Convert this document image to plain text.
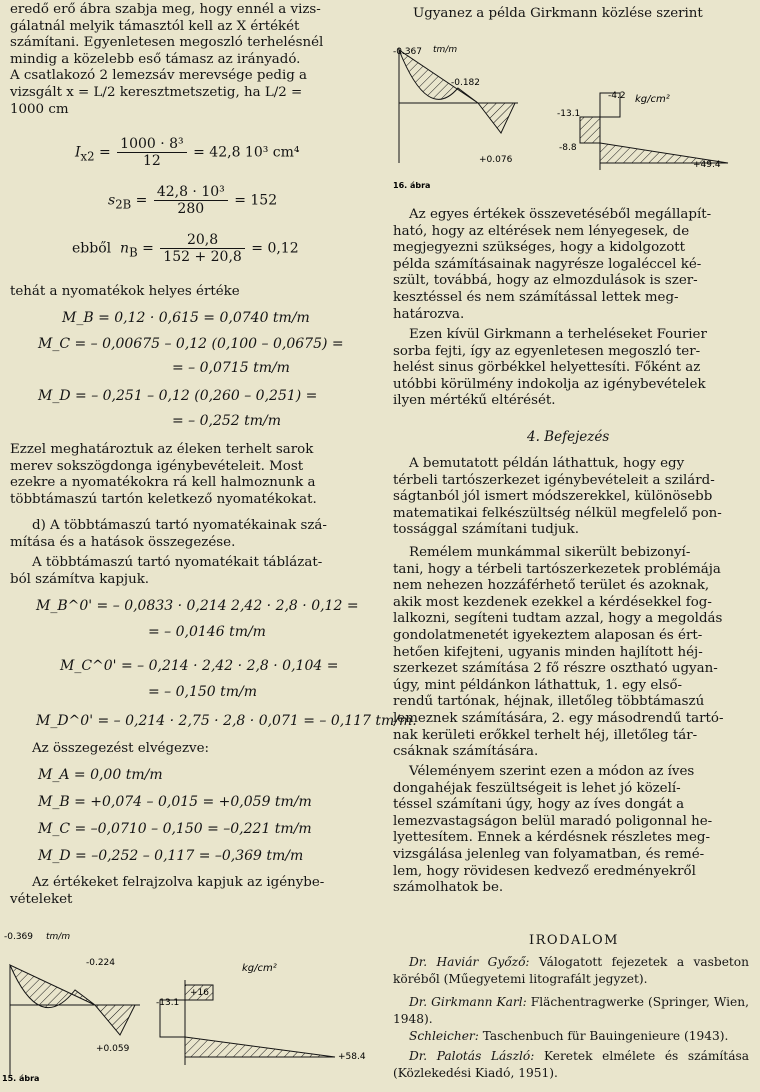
eredő erő ábra szabja meg, hogy ennél a vizs-
gálatnál melyik támasztól kell az X értékét
számítani. Egyenletesen megoszló terhelésnél
mindig a közelebb eső támasz az irányadó.
A csatlakozó 2 lemezsáv merevsége pedig a
vizsgált x = L/2 keresztmetszetig, ha L/2 =
1000 cm
$I_{x2} = \frac{\text{1000 · 8³}}{12} = 42,8$ 10³ cm⁴
$s_{2B} = \frac{\text{42,8 · 10³}}{280} = 152$
ebből $n_B = \frac{20,8}{152 + 20,8} = 0,12$
tehát a nyomatékok helyes értéke
M_B = 0,12 · 0,615 = 0,0740 tm/m
M_C = – 0,00675 – 0,12 (0,100 – 0,0675) =
= – 0,0715 tm/m
M_D = – 0,251 – 0,12 (0,260 – 0,251) =
= – 0,252 tm/m
Ezzel meghatároztuk az éleken terhelt sarok
merev sokszögdonga igénybevételeit. Most
ezekre a nyomatékokra rá kell halmoznunk a
többtámaszú tartón keletkező nyomatékokat.
d) A többtámaszú tartó nyomatékainak szá-
mítása és a hatások összegezése.
A többtámaszú tartó nyomatékait táblázat-
ból számítva kapjuk.
M_B^0' = – 0,0833 · 0,214 2,42 · 2,8 · 0,12 =
= – 0,0146 tm/m
M_C^0' = – 0,214 · 2,42 · 2,8 · 0,104 =
= – 0,150 tm/m
M_D^0' = – 0,214 · 2,75 · 2,8 · 0,071 = – 0,117 tm/m.
Az összegezést elvégezve:
M_A = 0,00 tm/m
M_B = +0,074 – 0,015 = +0,059 tm/m
M_C = –0,0710 – 0,150 = –0,221 tm/m
M_D = –0,252 – 0,117 = –0,369 tm/m
Az értékeket felrajzolva kapjuk az igénybe-
vételeket
-0.369 tm/m
-0.224
+0.059
kg/cm²
+16
-13.1
+58.4
15. ábra
Ugyanez a példa Girkmann közlése szerint
-0.367 tm/m
-0.182
+0.076
-4.2 kg/cm²
-13.1
-8.8
+49.4
16. ábra
Az egyes értékek összevetéséből megállapít-
ható, hogy az eltérések nem lényegesek, de
megjegyezni szükséges, hogy a kidolgozott
példa számításainak nagyrésze logaléccel ké-
szült, továbbá, hogy az elmozdulások is szer-
kesztéssel és nem számítással lettek meg-
határozva.
Ezen kívül Girkmann a terheléseket Fourier
sorba fejti, így az egyenletesen megoszló ter-
helést sinus görbékkel helyettesíti. Főként az
utóbbi körülmény indokolja az igénybevételek
ilyen mértékű eltérését.
4. Befejezés
A bemutatott példán láthattuk, hogy egy
térbeli tartószerkezet igénybevételeit a szilárd-
ságtanból jól ismert módszerekkel, különösebb
matematikai felkészültség nélkül megfelelő pon-
tossággal számítani tudjuk.
Remélem munkámmal sikerült bebizonyí-
tani, hogy a térbeli tartószerkezetek problémája
nem nehezen hozzáférhető terület és azoknak,
akik most kezdenek ezekkel a kérdésekkel fog-
lalkozni, segíteni tudtam azzal, hogy a megoldás
gondolatmenetét igyekeztem alaposan és ért-
hetően kifejteni, ugyanis minden hajlított héj-
szerkezet számítása 2 fő részre osztható ugyan-
úgy, mint példánkon láthattuk, 1. egy első-
rendű tartónak, héjnak, illetőleg többtámaszú
lemeznek számítására, 2. egy másodrendű tartó-
nak kerületi erőkkel terhelt héj, illetőleg tár-
csáknak számítására.
Véleményem szerint ezen a módon az íves
dongahéjak feszültségeit is lehet jó közelí-
téssel számítani úgy, hogy az íves dongát a
lemezvastagságon belül maradó poligonnal he-
lyettesítem. Ennek a kérdésnek részletes meg-
vizsgálása jelenleg van folyamatban, és remé-
lem, hogy rövidesen kedvező eredményekről
számolhatok be.
IRODALOM
Dr. Haviár Győző: Válogatott fejezetek a vasbeton köréből (Műegyetemi litografált jegyzet).
Dr. Girkmann Karl: Flächentragwerke (Springer, Wien, 1948).
Schleicher: Taschenbuch für Bauingenieure (1943).
Dr. Palotás László: Keretek elmélete és számítása (Közlekedési Kiadó, 1951).
